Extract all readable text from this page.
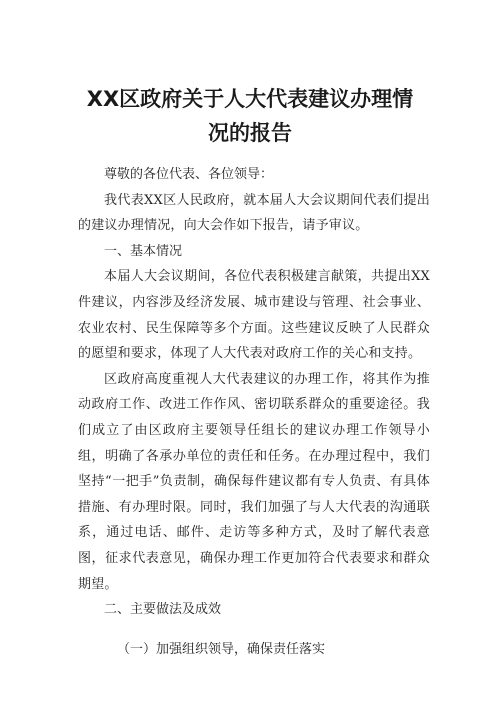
XX区政府关于人大代表建议办理情
况的报告

尊敬的各位代表、各位领导：

我代表XX区人民政府，就本届人大会议期间代表们提出的建议办理情况，向大会作如下报告，请予审议。

一、基本情况

本届人大会议期间，各位代表积极建言献策，共提出XX件建议，内容涉及经济发展、城市建设与管理、社会事业、农业农村、民生保障等多个方面。这些建议反映了人民群众的愿望和要求，体现了人大代表对政府工作的关心和支持。

区政府高度重视人大代表建议的办理工作，将其作为推动政府工作、改进工作作风、密切联系群众的重要途径。我们成立了由区政府主要领导任组长的建议办理工作领导小组，明确了各承办单位的责任和任务。在办理过程中，我们坚持“一把手”负责制，确保每件建议都有专人负责、有具体措施、有办理时限。同时，我们加强了与人大代表的沟通联系，通过电话、邮件、走访等多种方式，及时了解代表意图，征求代表意见，确保办理工作更加符合代表要求和群众期望。

二、主要做法及成效

（一）加强组织领导，确保责任落实
